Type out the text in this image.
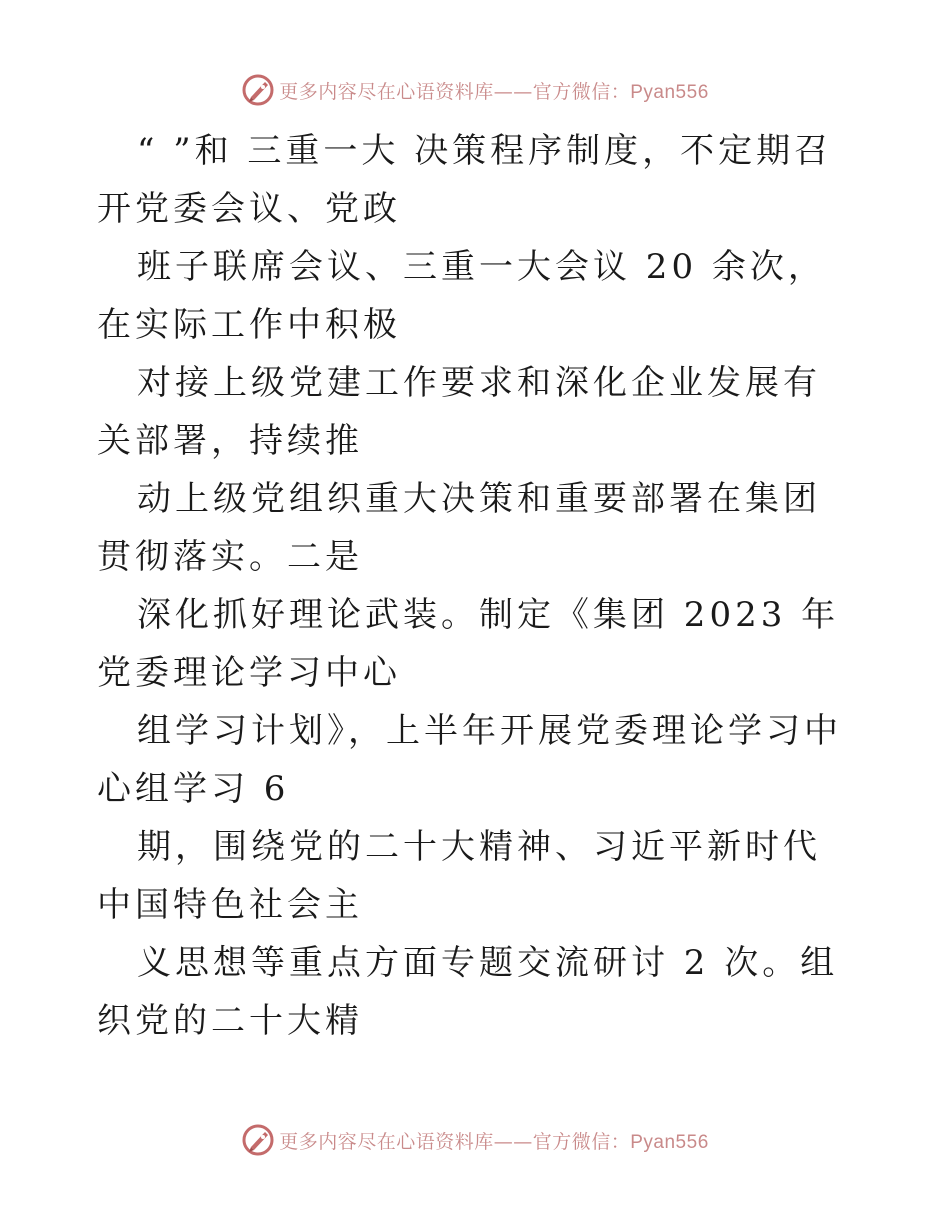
更多内容尽在心语资料库——官方微信：Pyan556

“ ”和 三重一大 决策程序制度，不定期召开党委会议、党政

班子联席会议、三重一大会议 20 余次，在实际工作中积极

对接上级党建工作要求和深化企业发展有关部署，持续推

动上级党组织重大决策和重要部署在集团贯彻落实。二是

深化抓好理论武装。制定《集团 2023 年党委理论学习中心

组学习计划》，上半年开展党委理论学习中心组学习 6

期，围绕党的二十大精神、习近平新时代中国特色社会主

义思想等重点方面专题交流研讨 2 次。组织党的二十大精

更多内容尽在心语资料库——官方微信：Pyan556
